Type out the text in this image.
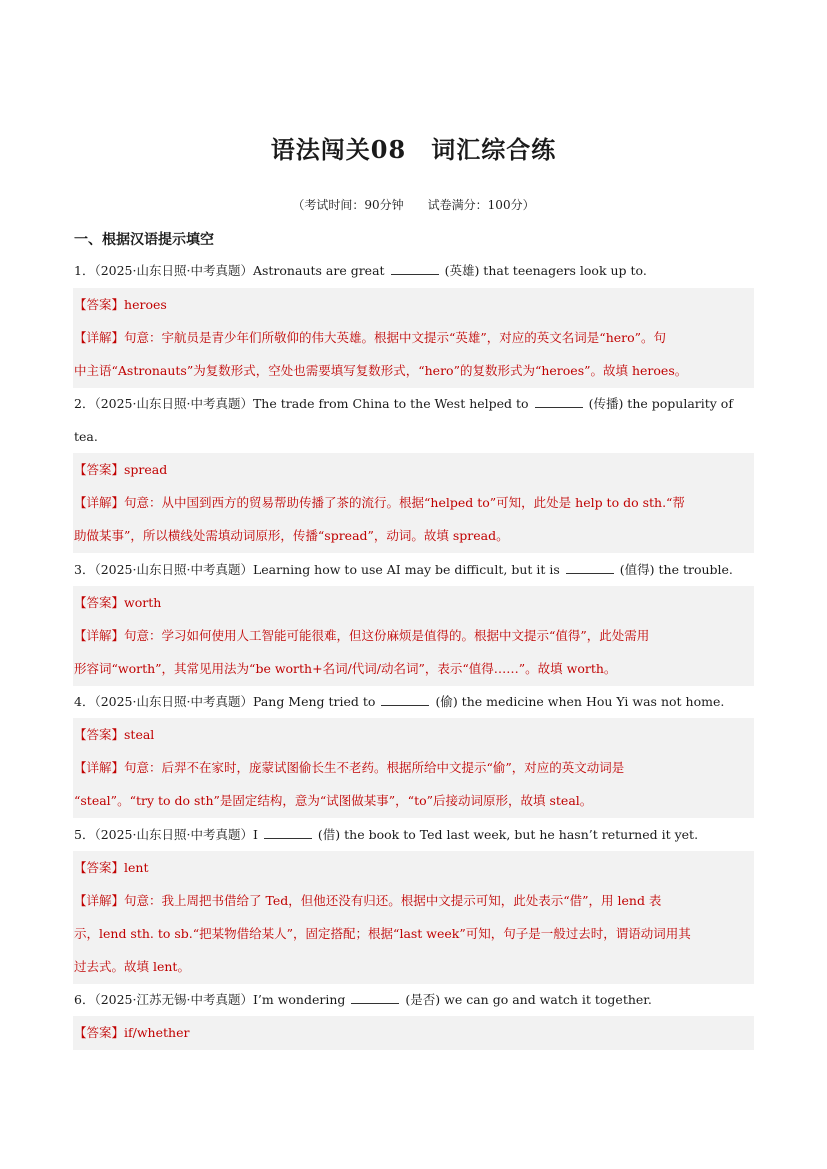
语法闯关08　词汇综合练
（考试时间：90分钟　　试卷满分：100分）
一、根据汉语提示填空
1．（2025·山东日照·中考真题）Astronauts are great	(英雄) that teenagers look up to.
【答案】heroes
【详解】句意：宇航员是青少年们所敬仰的伟大英雄。根据中文提示“英雄”，对应的英文名词是“hero”。句
中主语“Astronauts”为复数形式，空处也需要填写复数形式，“hero”的复数形式为“heroes”。故填 heroes。
2．（2025·山东日照·中考真题）The trade from China to the West helped to	(传播) the popularity of
tea.
【答案】spread
【详解】句意：从中国到西方的贸易帮助传播了茶的流行。根据“helped to”可知，此处是 help to do sth.“帮
助做某事”，所以横线处需填动词原形，传播“spread”，动词。故填 spread。
3．（2025·山东日照·中考真题）Learning how to use AI may be difficult, but it is	(值得) the trouble.
【答案】worth
【详解】句意：学习如何使用人工智能可能很难，但这份麻烦是值得的。根据中文提示“值得”，此处需用
形容词“worth”，其常见用法为“be worth+名词/代词/动名词”，表示“值得……”。故填 worth。
4．（2025·山东日照·中考真题）Pang Meng tried to	(偷) the medicine when Hou Yi was not home.
【答案】steal
【详解】句意：后羿不在家时，庞蒙试图偷长生不老药。根据所给中文提示“偷”，对应的英文动词是
“steal”。“try to do sth”是固定结构，意为“试图做某事”，“to”后接动词原形，故填 steal。
5．（2025·山东日照·中考真题）I	(借) the book to Ted last week, but he hasn’t returned it yet.
【答案】lent
【详解】句意：我上周把书借给了 Ted，但他还没有归还。根据中文提示可知，此处表示“借”，用 lend 表
示，lend sth. to sb.“把某物借给某人”，固定搭配；根据“last week”可知，句子是一般过去时，谓语动词用其
过去式。故填 lent。
6．（2025·江苏无锡·中考真题）I’m wondering	(是否) we can go and watch it together.
【答案】if/whether
